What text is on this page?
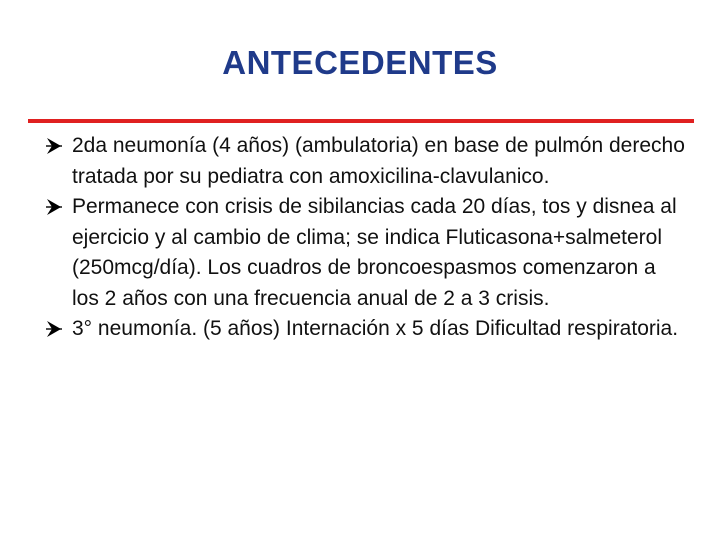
ANTECEDENTES
2da neumonía (4 años) (ambulatoria) en base de pulmón derecho tratada por su pediatra con amoxicilina-clavulanico.
Permanece con crisis de sibilancias cada 20 días, tos y disnea al ejercicio y al cambio de clima; se indica Fluticasona+salmeterol (250mcg/día). Los cuadros de broncoespasmos comenzaron a los 2 años con una frecuencia anual de 2 a 3 crisis.
3° neumonía. (5 años) Internación x 5 días Dificultad respiratoria.
